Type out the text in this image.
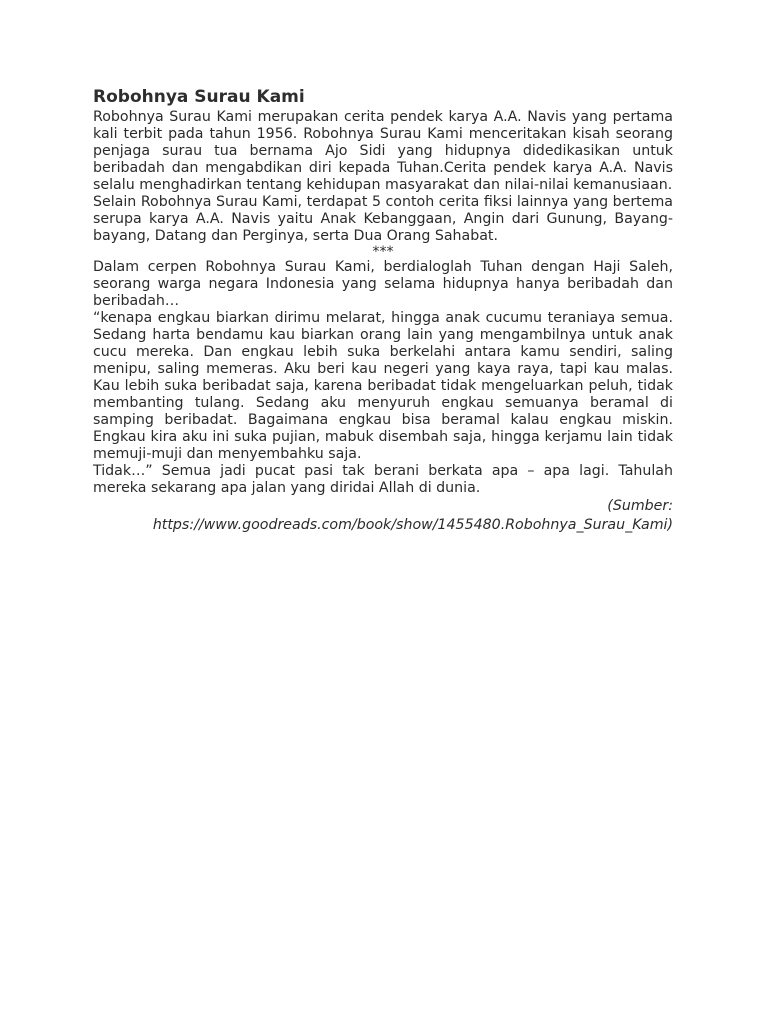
Robohnya Surau Kami

Robohnya Surau Kami merupakan cerita pendek karya A.A. Navis yang pertama kali terbit pada tahun 1956. Robohnya Surau Kami menceritakan kisah seorang penjaga surau tua bernama Ajo Sidi yang hidupnya didedikasikan untuk beribadah dan mengabdikan diri kepada Tuhan.Cerita pendek karya A.A. Navis selalu menghadirkan tentang kehidupan masyarakat dan nilai-nilai kemanusiaan.

Selain Robohnya Surau Kami, terdapat 5 contoh cerita fiksi lainnya yang bertema serupa karya A.A. Navis yaitu Anak Kebanggaan, Angin dari Gunung, Bayang-bayang, Datang dan Perginya, serta Dua Orang Sahabat.

***

Dalam cerpen Robohnya Surau Kami, berdialoglah Tuhan dengan Haji Saleh, seorang warga negara Indonesia yang selama hidupnya hanya beribadah dan beribadah…

“kenapa engkau biarkan dirimu melarat, hingga anak cucumu teraniaya semua. Sedang harta bendamu kau biarkan orang lain yang mengambilnya untuk anak cucu mereka. Dan engkau lebih suka berkelahi antara kamu sendiri, saling menipu, saling memeras. Aku beri kau negeri yang kaya raya, tapi kau malas. Kau lebih suka beribadat saja, karena beribadat tidak mengeluarkan peluh, tidak membanting tulang. Sedang aku menyuruh engkau semuanya beramal di samping beribadat. Bagaimana engkau bisa beramal kalau engkau miskin. Engkau kira aku ini suka pujian, mabuk disembah saja, hingga kerjamu lain tidak memuji-muji dan menyembahku saja.

Tidak…” Semua jadi pucat pasi tak berani berkata apa – apa lagi. Tahulah mereka sekarang apa jalan yang diridai Allah di dunia.

(Sumber: https://www.goodreads.com/book/show/1455480.Robohnya_Surau_Kami)
